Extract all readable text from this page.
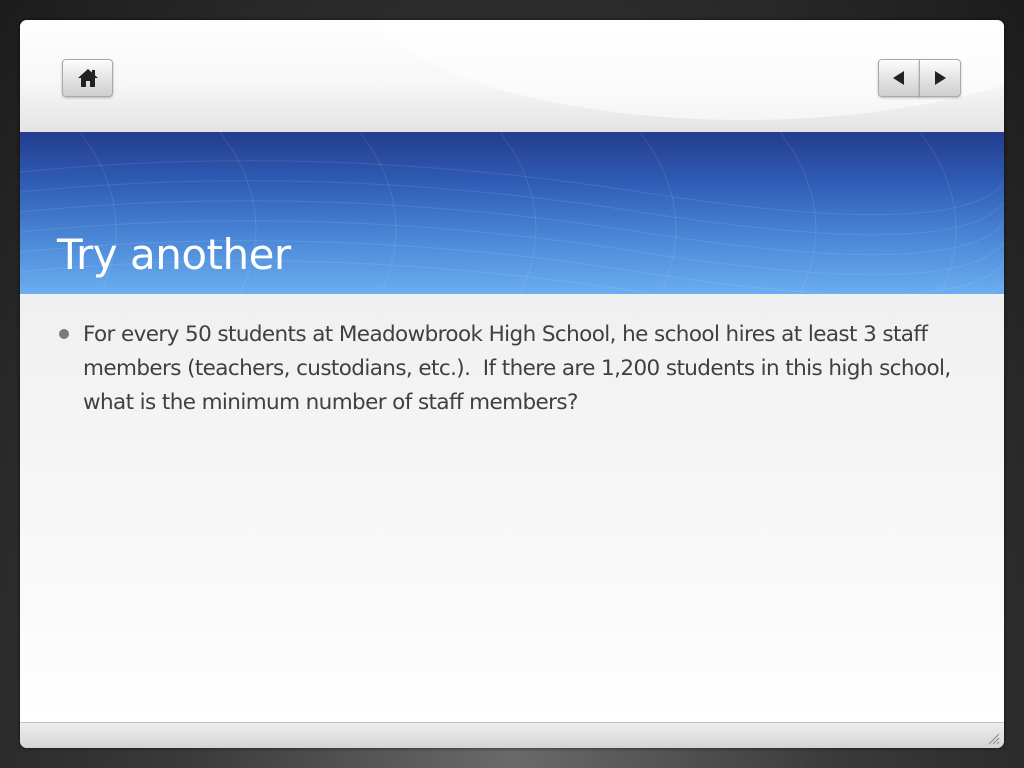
Try another

For every 50 students at Meadowbrook High School, he school hires at least 3 staff members (teachers, custodians, etc.).  If there are 1,200 students in this high school, what is the minimum number of staff members?
